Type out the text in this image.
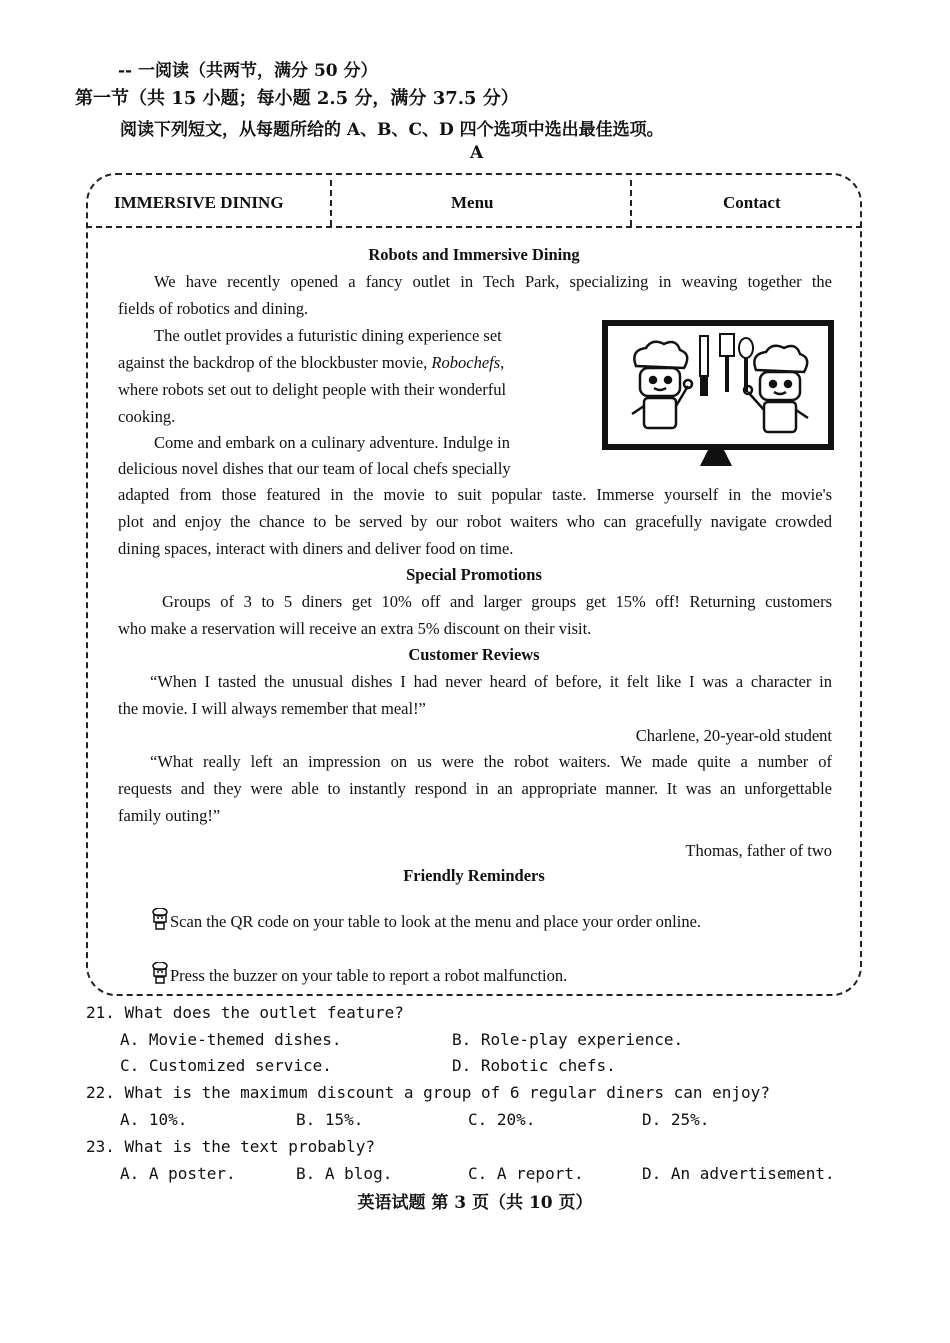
-- 一阅读（共两节，满分 50 分）
第一节（共 15 小题；每小题 2.5 分，满分 37.5 分）
阅读下列短文，从每题所给的 A、B、C、D 四个选项中选出最佳选项。
A
IMMERSIVE DINING	Menu	Contact
Robots and Immersive Dining
We have recently opened a fancy outlet in Tech Park, specializing in weaving together the
fields of robotics and dining.
The outlet provides a futuristic dining experience set
against the backdrop of the blockbuster movie, Robochefs,
where robots set out to delight people with their wonderful
cooking.
Come and embark on a culinary adventure. Indulge in
delicious novel dishes that our team of local chefs specially
adapted from those featured in the movie to suit popular taste. Immerse yourself in the movie's
plot and enjoy the chance to be served by our robot waiters who can gracefully navigate crowded
dining spaces, interact with diners and deliver food on time.
Special Promotions
Groups of 3 to 5 diners get 10% off and larger groups get 15% off! Returning customers
who make a reservation will receive an extra 5% discount on their visit.
Customer Reviews
“When I tasted the unusual dishes I had never heard of before, it felt like I was a character in
the movie. I will always remember that meal!”
Charlene, 20-year-old student
“What really left an impression on us were the robot waiters. We made quite a number of
requests and they were able to instantly respond in an appropriate manner. It was an unforgettable
family outing!”
Thomas, father of two
Friendly Reminders
Scan the QR code on your table to look at the menu and place your order online.
Press the buzzer on your table to report a robot malfunction.
21. What does the outlet feature?
A. Movie-themed dishes.	B. Role-play experience.
C. Customized service.	D. Robotic chefs.
22. What is the maximum discount a group of 6 regular diners can enjoy?
A. 10%.	B. 15%.	C. 20%.	D. 25%.
23. What is the text probably?
A. A poster.	B. A blog.	C. A report.	D. An advertisement.
英语试题 第 3 页（共 10 页）
